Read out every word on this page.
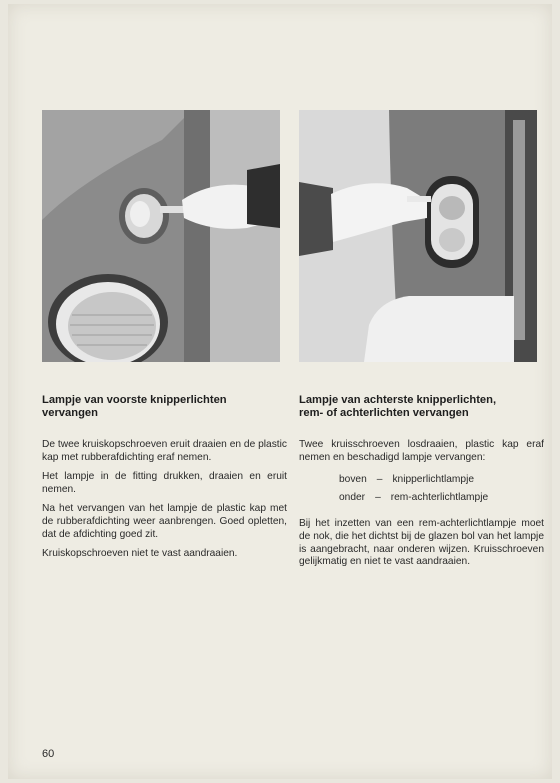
Lampje van voorste knipperlichten
vervangen

De twee kruiskopschroeven eruit draaien en de plastic kap met rubberafdichting eraf nemen.

Het lampje in de fitting drukken, draaien en eruit nemen.

Na het vervangen van het lampje de plastic kap met de rubberafdichting weer aanbrengen. Goed opletten, dat de afdichting goed zit.

Kruiskopschroeven niet te vast aandraaien.

Lampje van achterste knipperlichten,
rem- of achterlichten vervangen

Twee kruisschroeven losdraaien, plastic kap eraf nemen en beschadigd lampje vervangen:

boven – knipperlichtlampje
onder – rem-achterlichtlampje

Bij het inzetten van een rem-achterlichtlampje moet de nok, die het dichtst bij de glazen bol van het lampje is aangebracht, naar onderen wijzen. Kruisschroeven gelijkmatig en niet te vast aandraaien.

60
